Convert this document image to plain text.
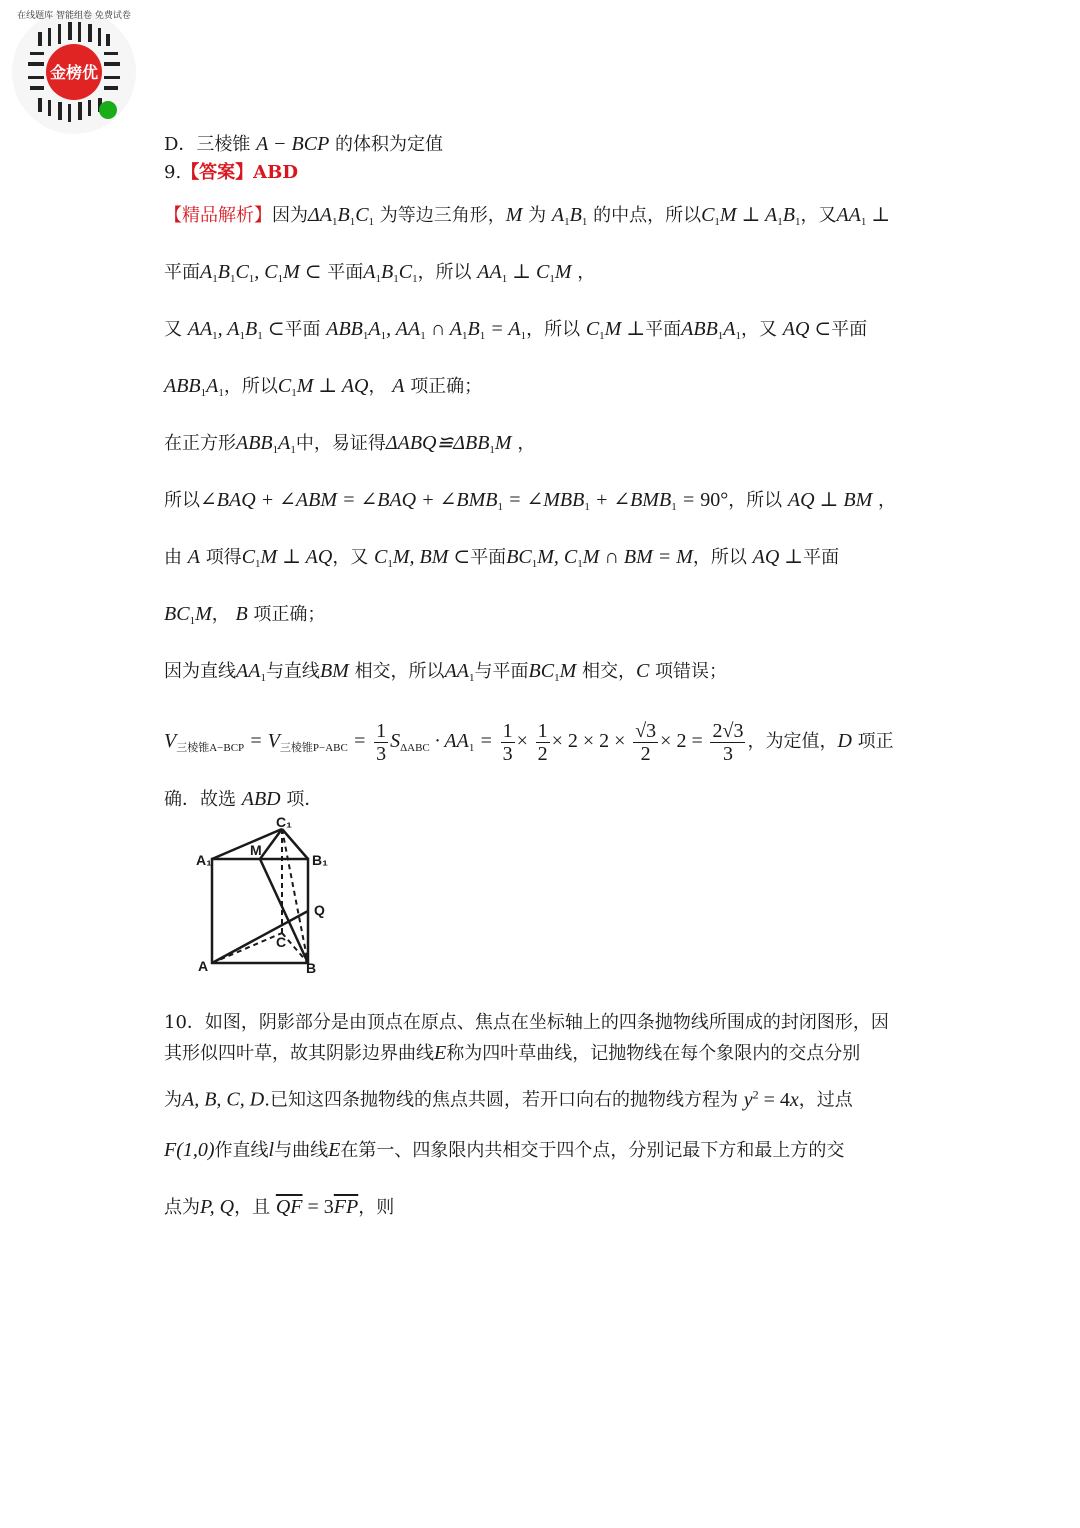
金榜优
在线题库 智能组卷 免费试卷
D．三棱锥 A − BCP 的体积为定值
9.【答案】ABD
【精品解析】因为$\Delta A_1B_1C_1$ 为等边三角形，M 为 $A_1B_1$ 的中点，所以$C_1M$ ⊥ $A_1B_1$，又$AA_1$ ⊥
平面$A_1B_1C_1$, $C_1M$ ⊂ 平面$A_1B_1C_1$，所以 $AA_1$ ⊥ $C_1M$ ，
又 $AA_1$, $A_1B_1$ ⊂平面 $ABB_1A_1$, $AA_1$ ∩ $A_1B_1 = A_1$，所以 $C_1M$ ⊥平面$ABB_1A_1$，又 AQ ⊂平面
$ABB_1A_1$，所以$C_1M$ ⊥ AQ， A 项正确；
在正方形$ABB_1A_1$中，易证得$\Delta ABQ≌\Delta BB_1M$ ，
所以∠BAQ + ∠ABM = ∠BAQ + $\angle BMB_1$ = $\angle MBB_1$ + $\angle BMB_1 = 90^\circ$，所以 AQ ⊥ BM ，
由 A 项得$C_1M$ ⊥ AQ，又 $C_1M$, BM ⊂平面$BC_1M$, $C_1M$ ∩ BM = M，所以 AQ ⊥平面
$BC_1M$， B 项正确；
因为直线$AA_1$与直线BM 相交，所以$AA_1$与平面$BC_1M$ 相交，C 项错误；
$V_{三棱锥A-BCP} = V_{三棱锥P-ABC} = \frac{1}{3} S_{\Delta ABC} \cdot AA_1 = \frac{1}{3} \times \frac{1}{2} \times 2 \times 2 \times \frac{√3}{2} \times 2 = \frac{2√3}{3}$ ，为定值，D 项正
确．故选 ABD 项．
C₁
A₁
M
B₁
Q
C
A	B
10．如图，阴影部分是由顶点在原点、焦点在坐标轴上的四条抛物线所围成的封闭图形，因
其形似四叶草，故其阴影边界曲线E称为四叶草曲线，记抛物线在每个象限内的交点分别
为A, B, C, D.已知这四条抛物线的焦点共圆，若开口向右的抛物线方程为 $y^2 = 4x$，过点
F(1,0)作直线l与曲线E在第一、四象限内共相交于四个点，分别记最下方和最上方的交
点为P, Q，且 $\overline{QF} = 3\overline{FP}$，则
